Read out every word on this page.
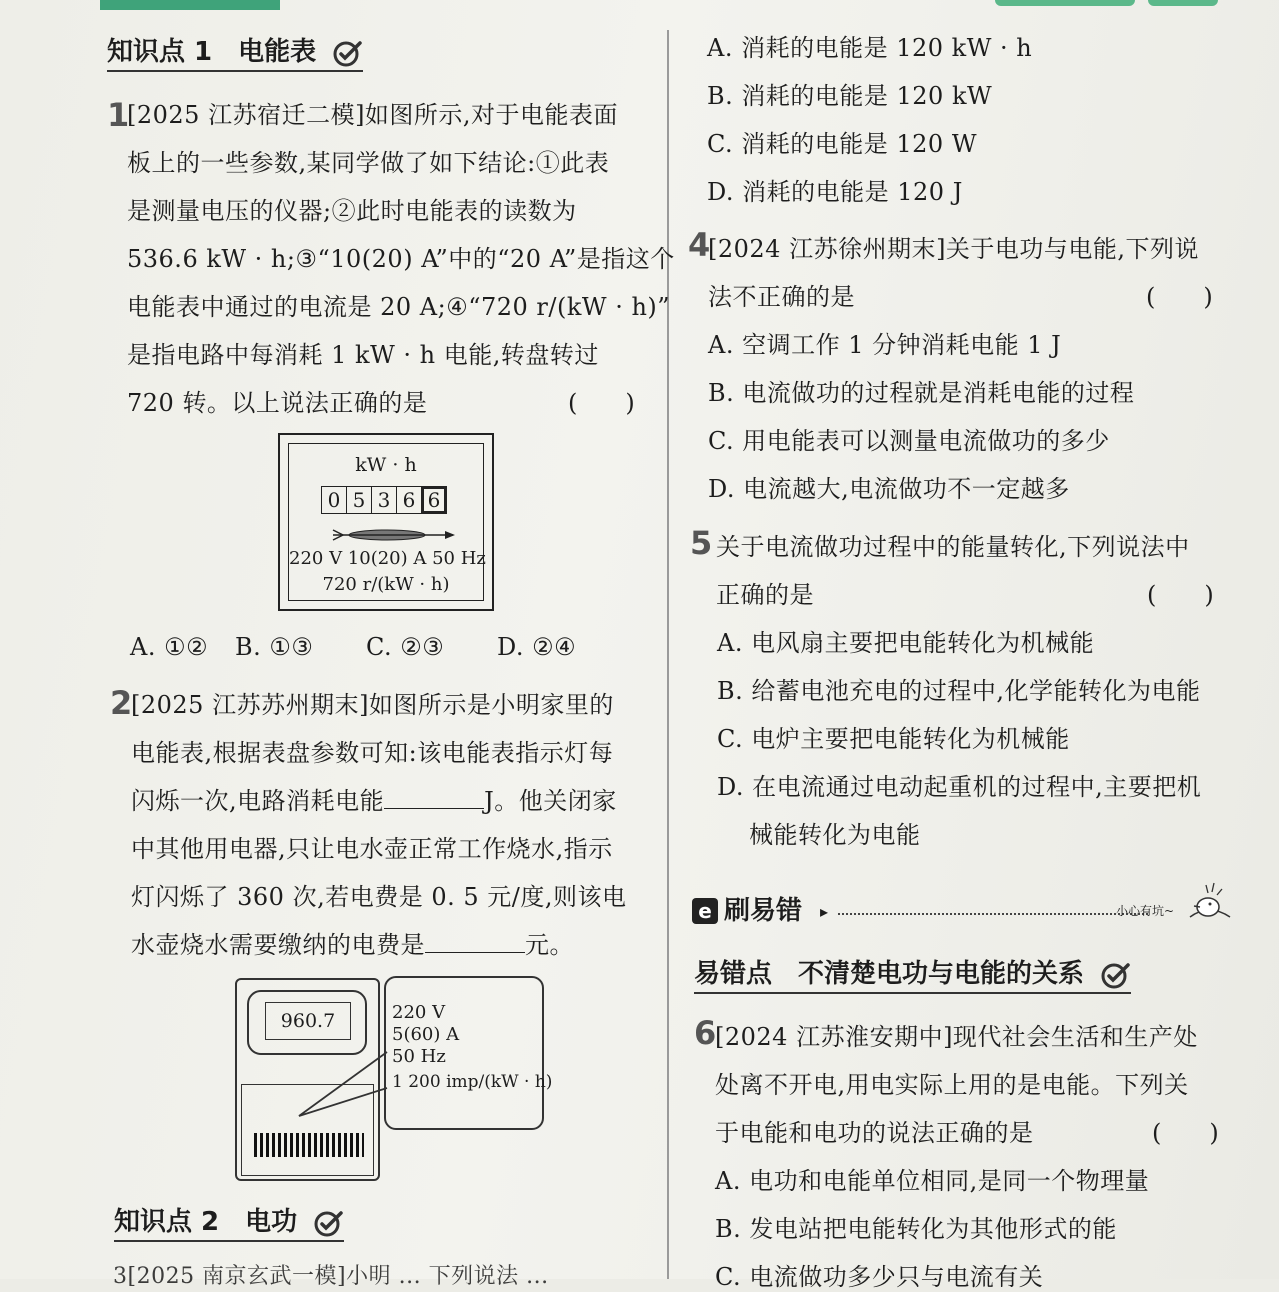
知识点 1　电能表
1
[2025 江苏宿迁二模]如图所示,对于电能表面
板上的一些参数,某同学做了如下结论:①此表
是测量电压的仪器;②此时电能表的读数为
536.6 kW · h;③“10(20) A”中的“20 A”是指这个
电能表中通过的电流是 20 A;④“720 r/(kW · h)”
是指电路中每消耗 1 kW · h 电能,转盘转过
720 转。以上说法正确的是	(　　)
kW · h
0 5 3 6 6
220 V 10(20) A 50 Hz
720 r/(kW · h)
A. ①② B. ①③ C. ②③ D. ②④
2
[2025 江苏苏州期末]如图所示是小明家里的
电能表,根据表盘参数可知:该电能表指示灯每
闪烁一次,电路消耗电能	J。他关闭家
中其他用电器,只让电水壶正常工作烧水,指示
灯闪烁了 360 次,若电费是 0. 5 元/度,则该电
水壶烧水需要缴纳的电费是	元。
960.7	220 V
5(60) A
50 Hz
1 200 imp/(kW · h)
知识点 2　电功
3[2025 南京玄武一模]小明 ... 下列说法 ...
A. 消耗的电能是 120 kW · h
B. 消耗的电能是 120 kW
C. 消耗的电能是 120 W
D. 消耗的电能是 120 J
4
[2024 江苏徐州期末]关于电功与电能,下列说
法不正确的是	(　　)
A. 空调工作 1 分钟消耗电能 1 J
B. 电流做功的过程就是消耗电能的过程
C. 用电能表可以测量电流做功的多少
D. 电流越大,电流做功不一定越多
5 关于电流做功过程中的能量转化,下列说法中
正确的是	(　　)
A. 电风扇主要把电能转化为机械能
B. 给蓄电池充电的过程中,化学能转化为电能
C. 电炉主要把电能转化为机械能
D. 在电流通过电动起重机的过程中,主要把机
械能转化为电能
e 刷易错 ▸	小心有坑~
易错点　不清楚电功与电能的关系
6
[2024 江苏淮安期中]现代社会生活和生产处
处离不开电,用电实际上用的是电能。下列关
于电能和电功的说法正确的是	(　　)
A. 电功和电能单位相同,是同一个物理量
B. 发电站把电能转化为其他形式的能
C. 电流做功多少只与电流有关
